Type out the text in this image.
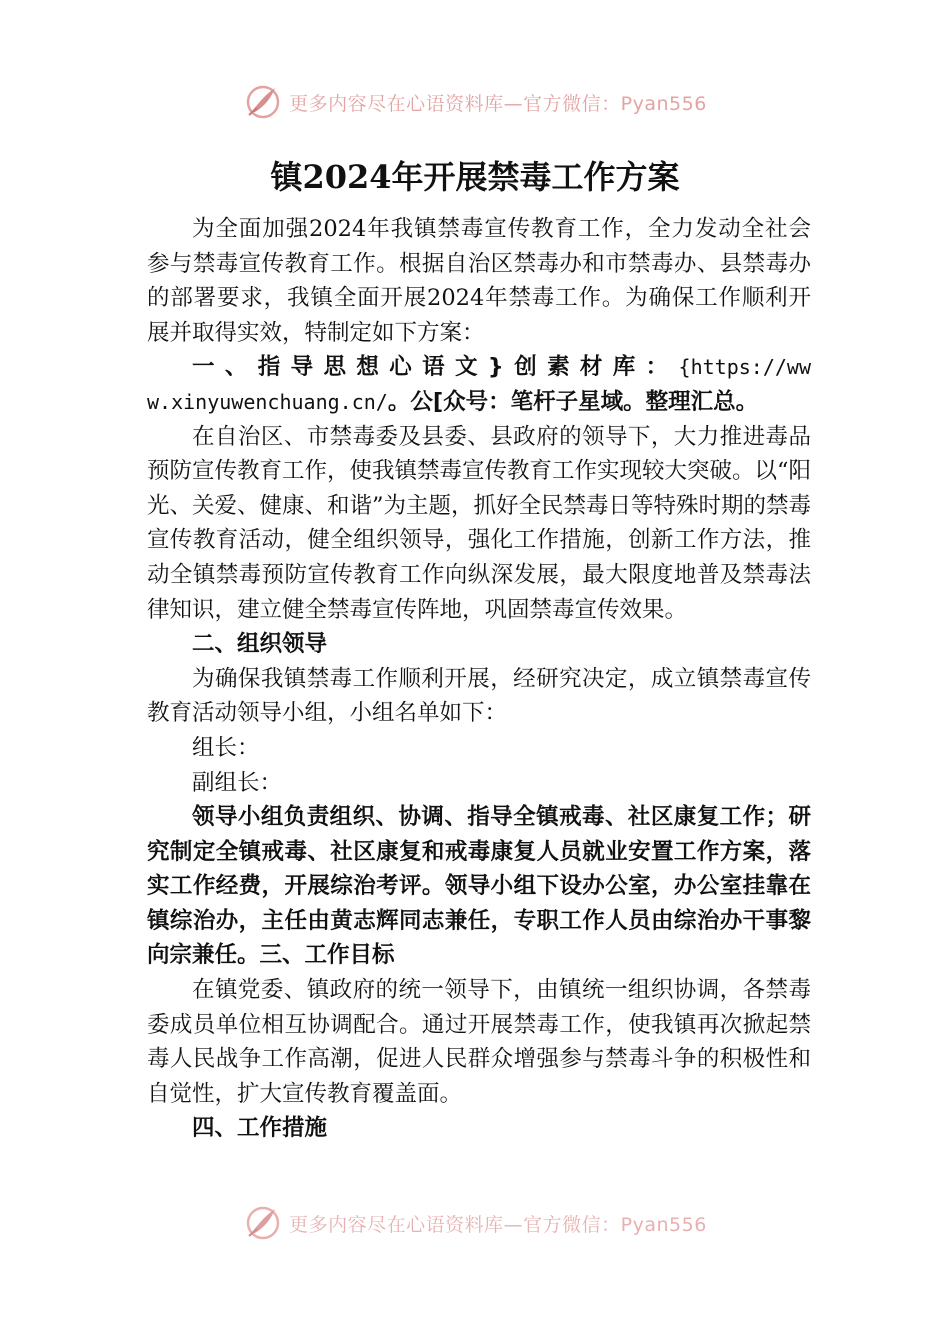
更多内容尽在心语资料库—官方微信：Pyan556
镇2024年开展禁毒工作方案

为全面加强2024年我镇禁毒宣传教育工作，全力发动全社会参与禁毒宣传教育工作。根据自治区禁毒办和市禁毒办、县禁毒办的部署要求，我镇全面开展2024年禁毒工作。为确保工作顺利开展并取得实效，特制定如下方案：

一、指导思想心语文}创素材库：{https://www.xinyuwenchuang.cn/。公[众号：笔杆子星域。整理汇总。

在自治区、市禁毒委及县委、县政府的领导下，大力推进毒品预防宣传教育工作，使我镇禁毒宣传教育工作实现较大突破。以“阳光、关爱、健康、和谐”为主题，抓好全民禁毒日等特殊时期的禁毒宣传教育活动，健全组织领导，强化工作措施，创新工作方法，推动全镇禁毒预防宣传教育工作向纵深发展，最大限度地普及禁毒法律知识，建立健全禁毒宣传阵地，巩固禁毒宣传效果。

二、组织领导

为确保我镇禁毒工作顺利开展，经研究决定，成立镇禁毒宣传教育活动领导小组，小组名单如下：

组长：

副组长：

领导小组负责组织、协调、指导全镇戒毒、社区康复工作；研究制定全镇戒毒、社区康复和戒毒康复人员就业安置工作方案，落实工作经费，开展综治考评。领导小组下设办公室，办公室挂靠在镇综治办，主任由黄志辉同志兼任，专职工作人员由综治办干事黎向宗兼任。三、工作目标

在镇党委、镇政府的统一领导下，由镇统一组织协调，各禁毒委成员单位相互协调配合。通过开展禁毒工作，使我镇再次掀起禁毒人民战争工作高潮，促进人民群众增强参与禁毒斗争的积极性和自觉性，扩大宣传教育覆盖面。

四、工作措施

更多内容尽在心语资料库—官方微信：Pyan556
